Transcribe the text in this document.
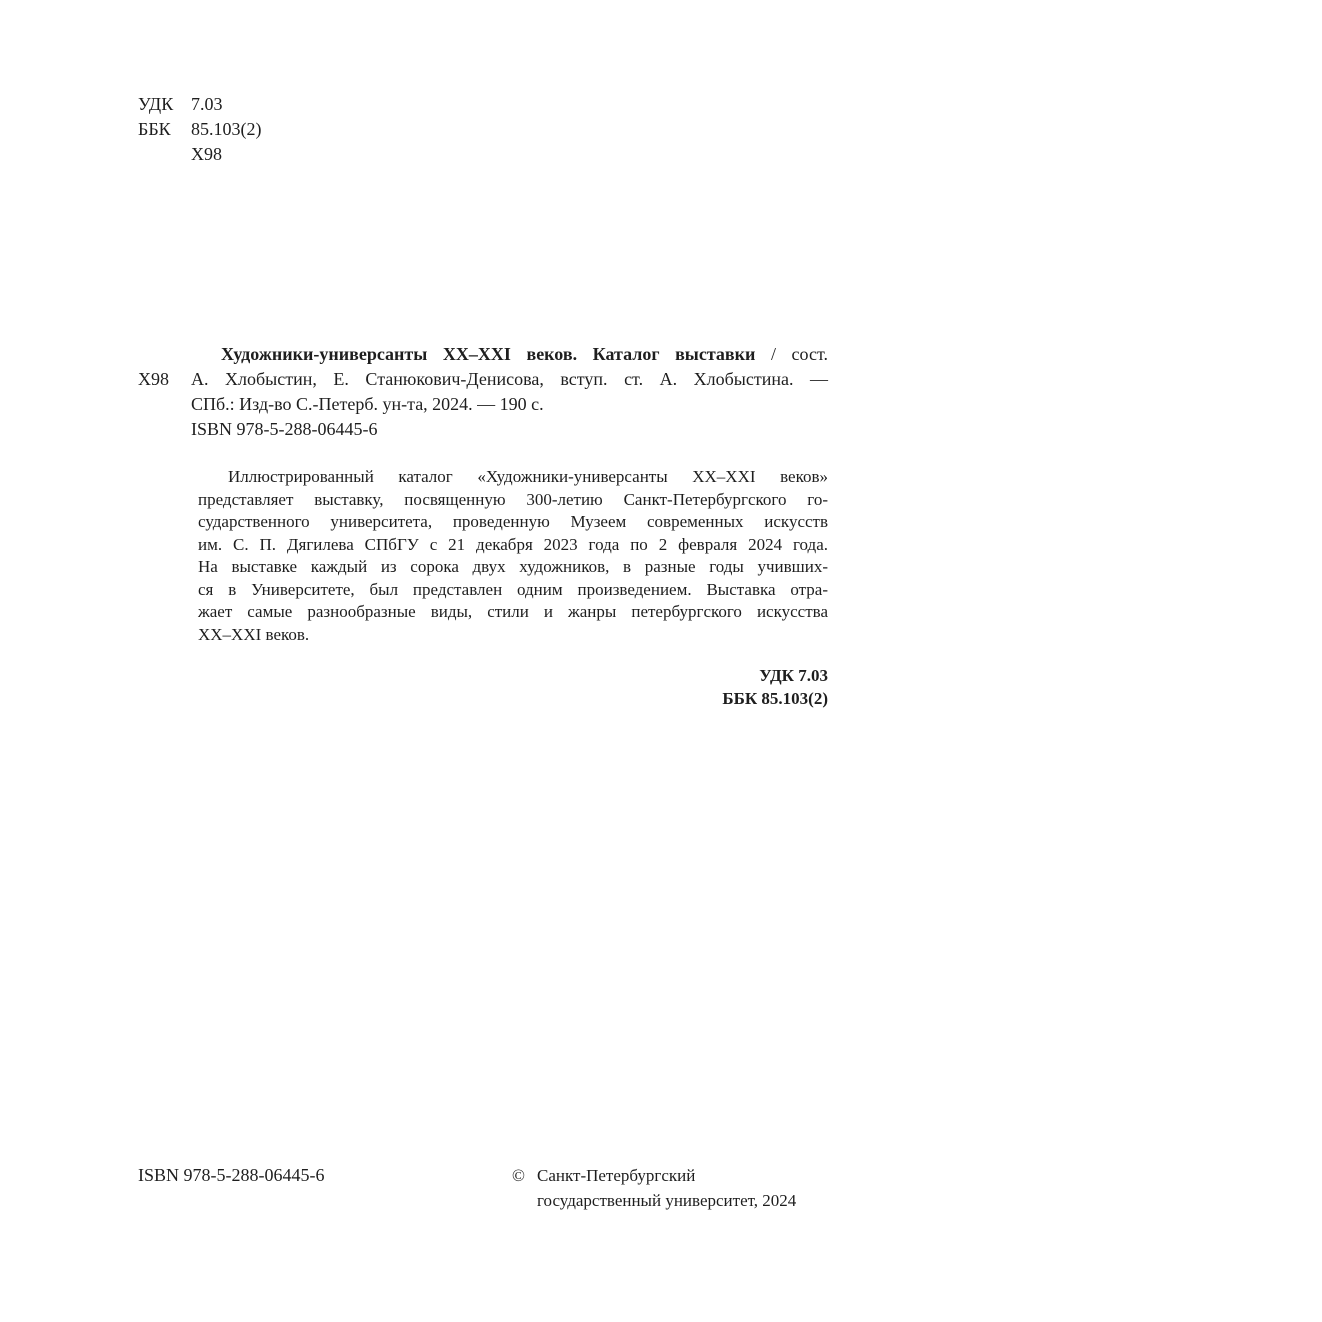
УДК 7.03
ББК	85.103(2)
Х98
Художники-универсанты XX–XXI веков. Каталог выставки / сост.
Х98 А. Хлобыстин, Е. Станюкович-Денисова, вступ. ст. А. Хлобыстина. —
СПб.: Изд-во С.-Петерб. ун-та, 2024. — 190 с.
ISBN 978-5-288-06445-6
Иллюстрированный каталог «Художники-универсанты XX–XXI веков»
представляет выставку, посвященную 300-летию Санкт-Петербургского го-
сударственного университета, проведенную Музеем современных искусств
им. С. П. Дягилева СПбГУ с 21 декабря 2023 года по 2 февраля 2024 года.
На выставке каждый из сорока двух художников, в разные годы учивших-
ся в Университете, был представлен одним произведением. Выставка отра-
жает самые разнообразные виды, стили и жанры петербургского искусства
XX–XXI веков.
УДК 7.03
ББК 85.103(2)
ISBN 978-5-288-06445-6	© Санкт-Петербургский
государственный университет, 2024
